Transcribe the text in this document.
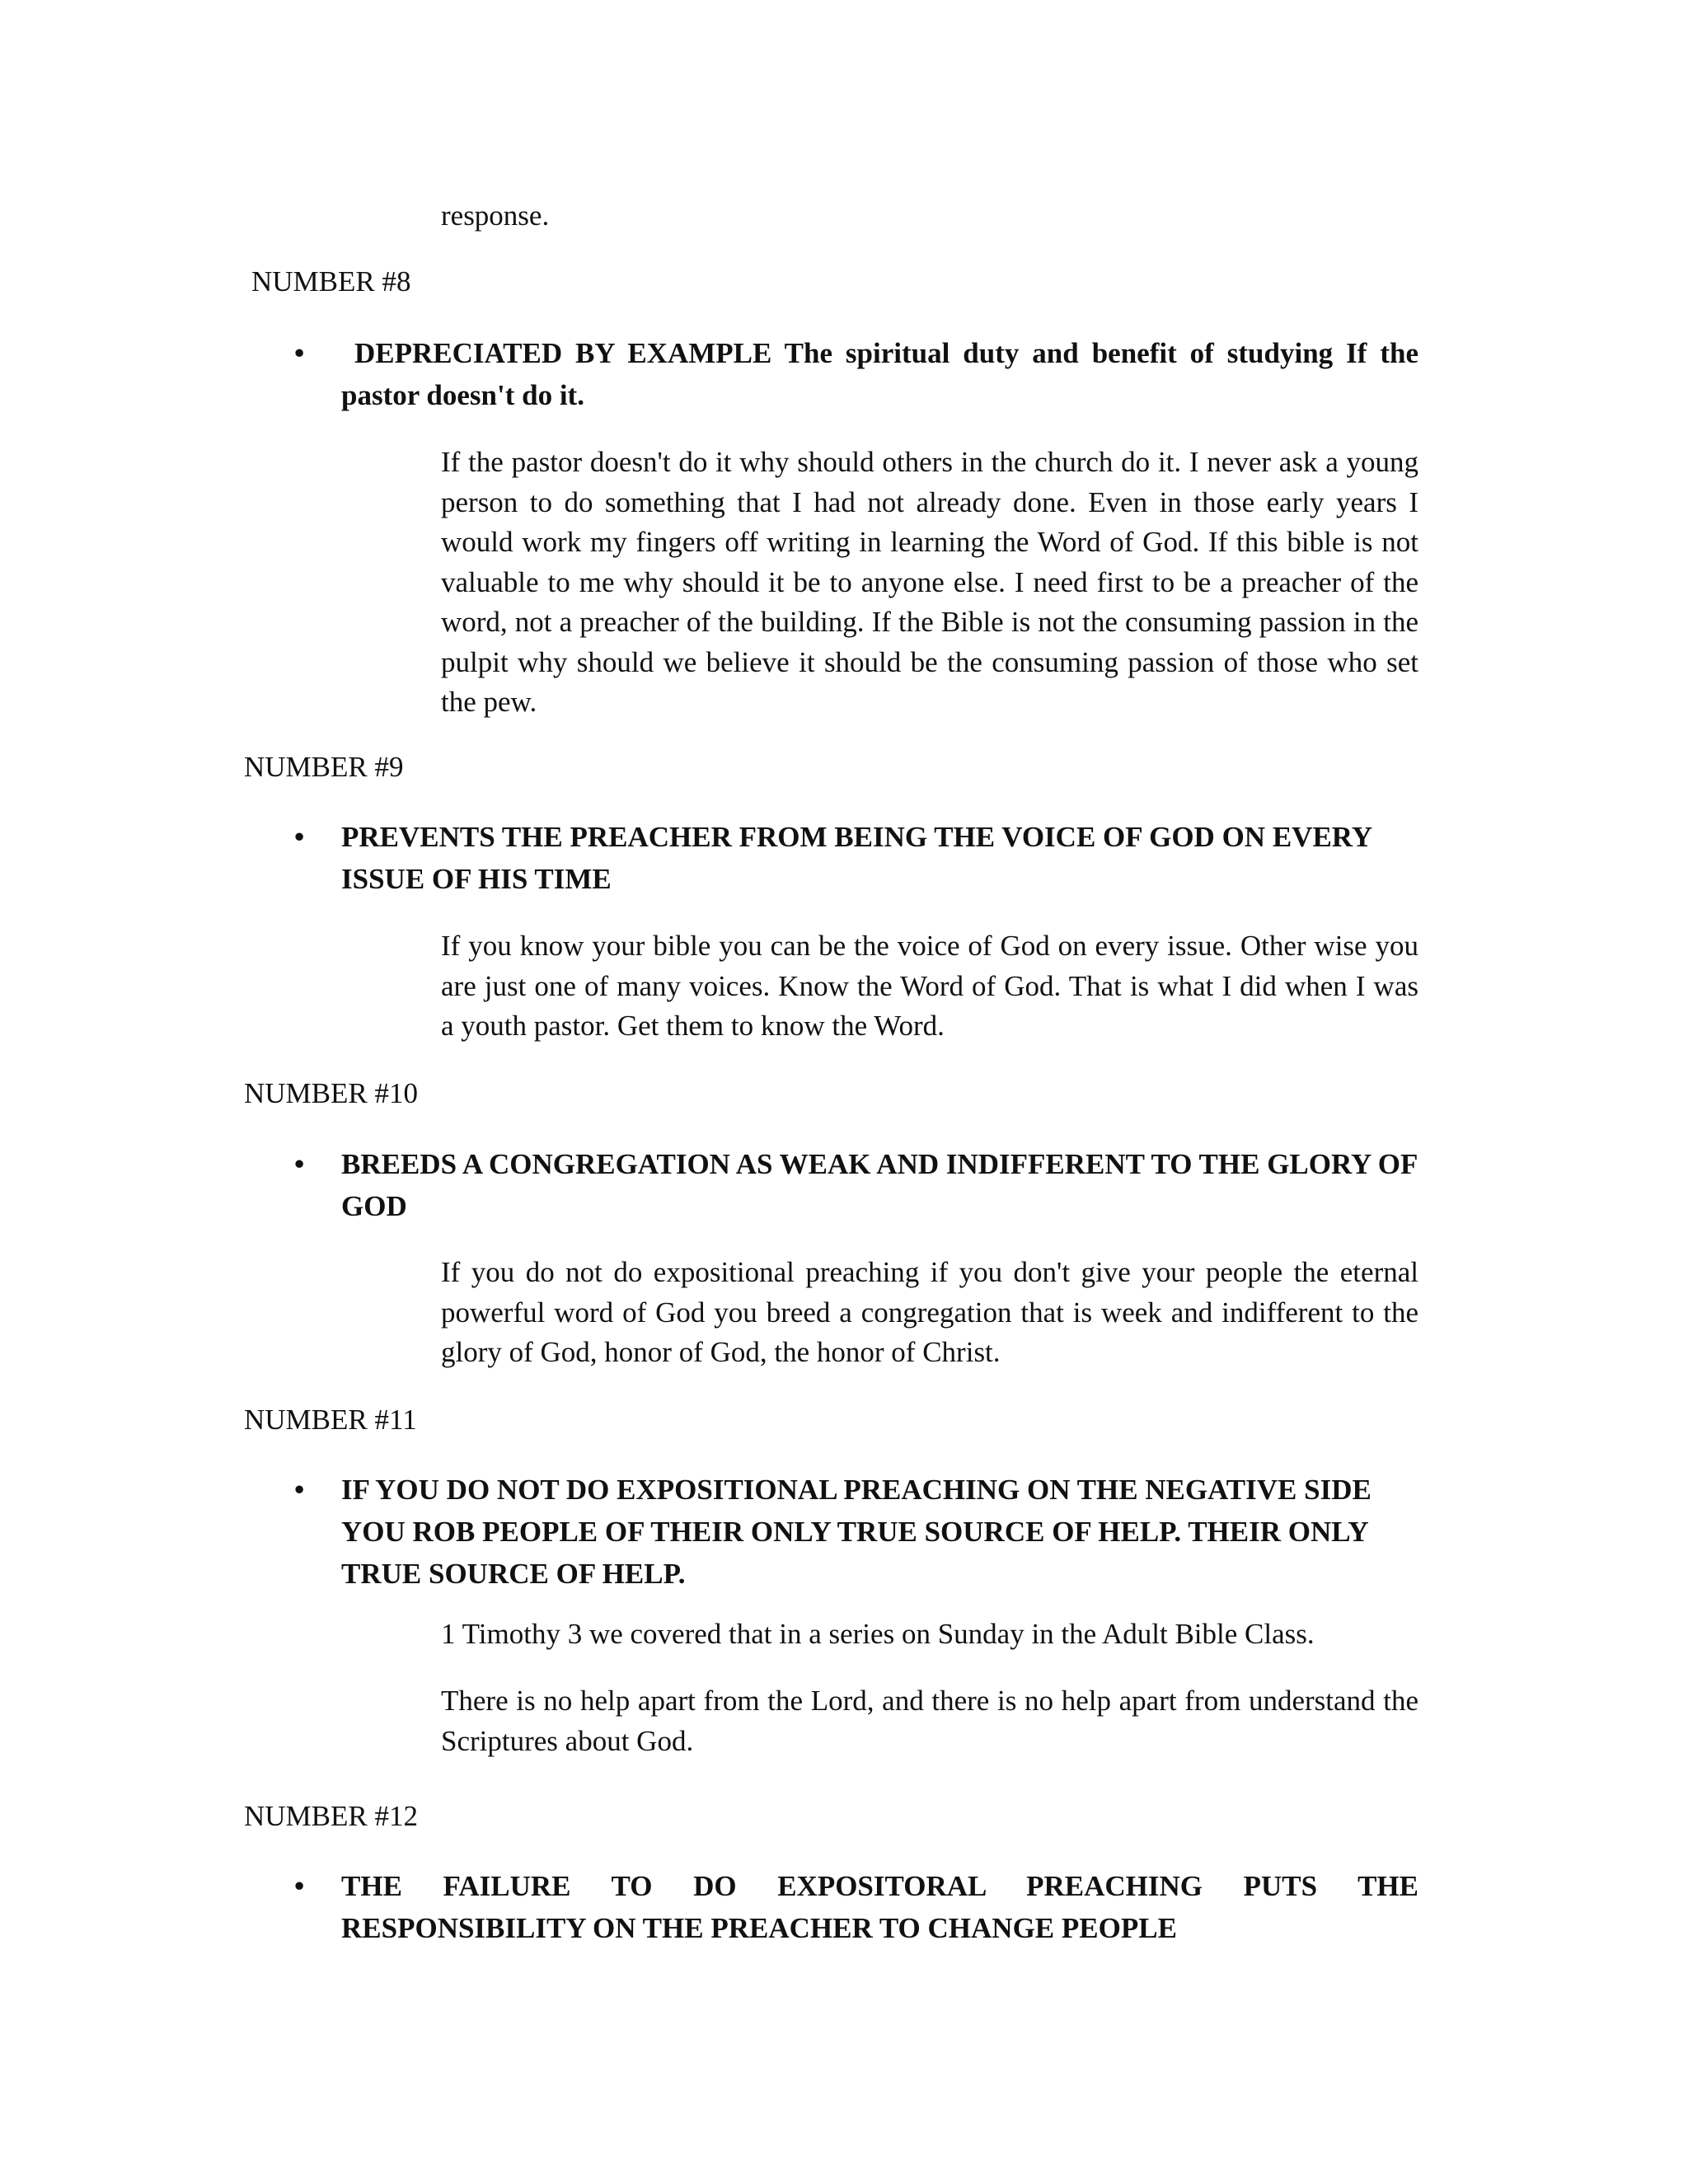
response.

NUMBER #8

• DEPRECIATED BY EXAMPLE The spiritual duty and benefit of studying If the

pastor doesn't do it.

If the pastor doesn't do it why should others in the church do it. I never ask a young person to do something that I had not already done. Even in those early years I would work my fingers off writing in learning the Word of God. If this bible is not valuable to me why should it be to anyone else. I need first to be a preacher of the word, not a preacher of the building. If the Bible is not the consuming passion in the pulpit why should we believe it should be the consuming passion of those who set the pew.

NUMBER #9

• PREVENTS THE PREACHER FROM BEING THE VOICE OF GOD ON EVERY ISSUE OF HIS TIME

If you know your bible you can be the voice of God on every issue. Other wise you are just one of many voices. Know the Word of God. That is what I did when I was a youth pastor. Get them to know the Word.

NUMBER #10

• BREEDS A CONGREGATION AS WEAK AND INDIFFERENT TO THE GLORY OF GOD

If you do not do expositional preaching if you don't give your people the eternal powerful word of God you breed a congregation that is week and indifferent to the glory of God, honor of God, the honor of Christ.

NUMBER #11

• IF YOU DO NOT DO EXPOSITIONAL PREACHING ON THE NEGATIVE SIDE YOU ROB PEOPLE OF THEIR ONLY TRUE SOURCE OF HELP. THEIR ONLY TRUE SOURCE OF HELP.

1 Timothy 3 we covered that in a series on Sunday in the Adult Bible Class.

There is no help apart from the Lord, and there is no help apart from understand the Scriptures about God.

NUMBER #12

• THE FAILURE TO DO EXPOSITORAL PREACHING PUTS THE

RESPONSIBILITY ON THE PREACHER TO CHANGE PEOPLE
